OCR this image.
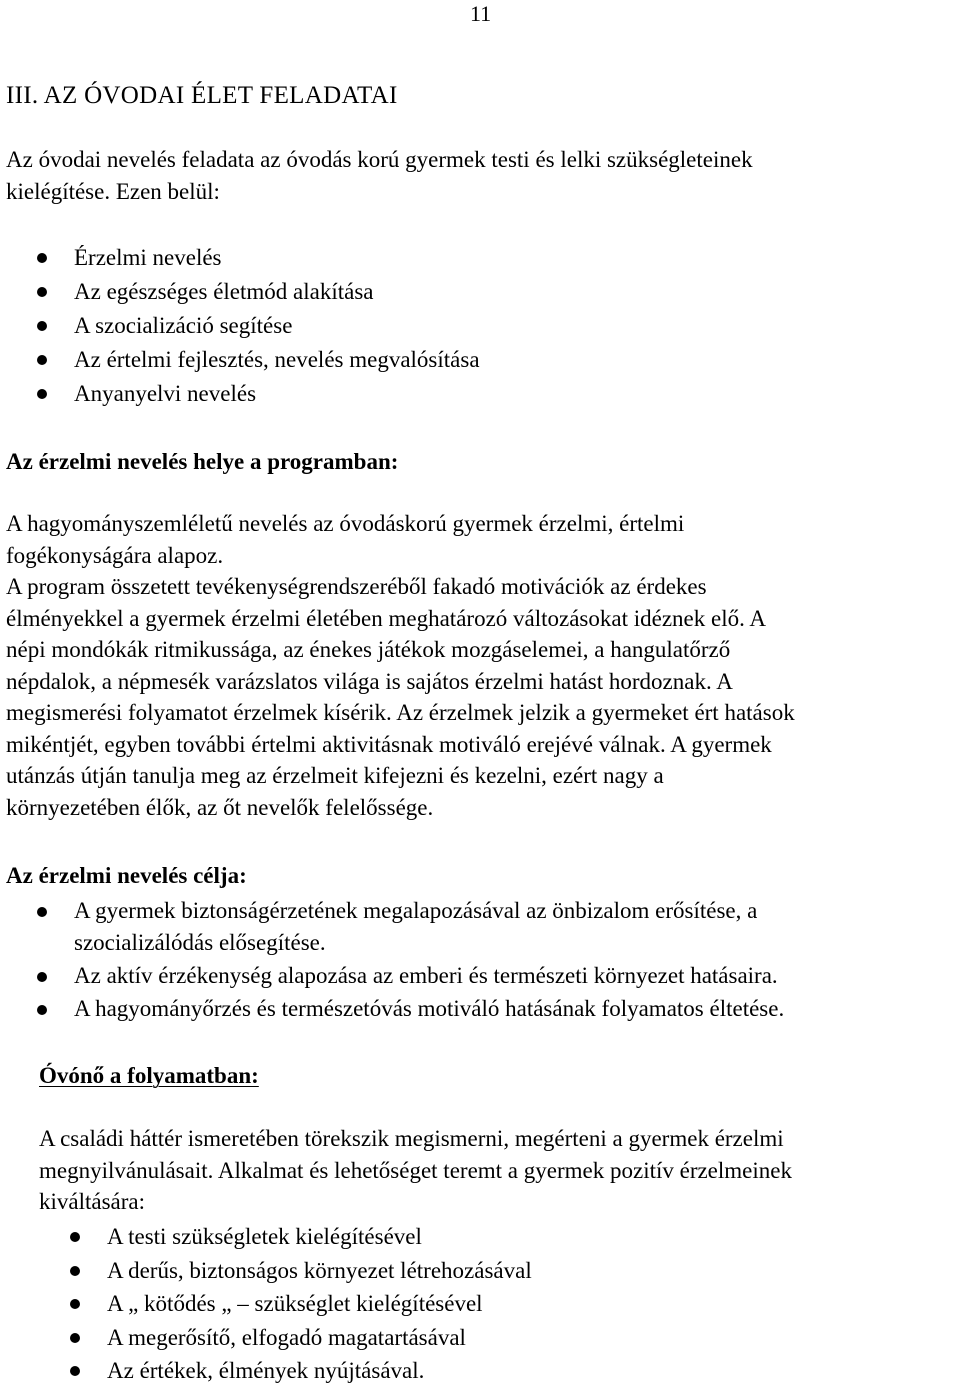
11
III. AZ ÓVODAI ÉLET FELADATAI
Az óvodai nevelés feladata az óvodás korú gyermek testi és lelki szükségleteinek
kielégítése. Ezen belül:
Érzelmi nevelés
Az egészséges életmód alakítása
A szocializáció segítése
Az értelmi fejlesztés, nevelés megvalósítása
Anyanyelvi nevelés
Az érzelmi nevelés helye a programban:
A hagyományszemléletű nevelés az óvodáskorú gyermek érzelmi, értelmi
fogékonyságára alapoz.
A program összetett tevékenységrendszeréből fakadó motivációk az érdekes
élményekkel a gyermek érzelmi életében meghatározó változásokat idéznek elő. A
népi mondókák ritmikussága, az énekes játékok mozgáselemei, a hangulatőrző
népdalok, a népmesék varázslatos világa is sajátos érzelmi hatást hordoznak. A
megismerési folyamatot érzelmek kísérik. Az érzelmek jelzik a gyermeket ért hatások
mikéntjét, egyben további értelmi aktivitásnak motiváló erejévé válnak. A gyermek
utánzás útján tanulja meg az érzelmeit kifejezni és kezelni, ezért nagy a
környezetében élők, az őt nevelők felelőssége.
Az érzelmi nevelés célja:
A gyermek biztonságérzetének megalapozásával az önbizalom erősítése, a
szocializálódás elősegítése.
Az aktív érzékenység alapozása az emberi és természeti környezet hatásaira.
A hagyományőrzés és természetóvás motiváló hatásának folyamatos éltetése.
Óvónő a folyamatban:
A családi háttér ismeretében törekszik megismerni, megérteni a gyermek érzelmi
megnyilvánulásait. Alkalmat és lehetőséget teremt a gyermek pozitív érzelmeinek
kiváltására:
A testi szükségletek kielégítésével
A derűs, biztonságos környezet létrehozásával
A „ kötődés „ – szükséglet kielégítésével
A megerősítő, elfogadó magatartásával
Az értékek, élmények nyújtásával.
